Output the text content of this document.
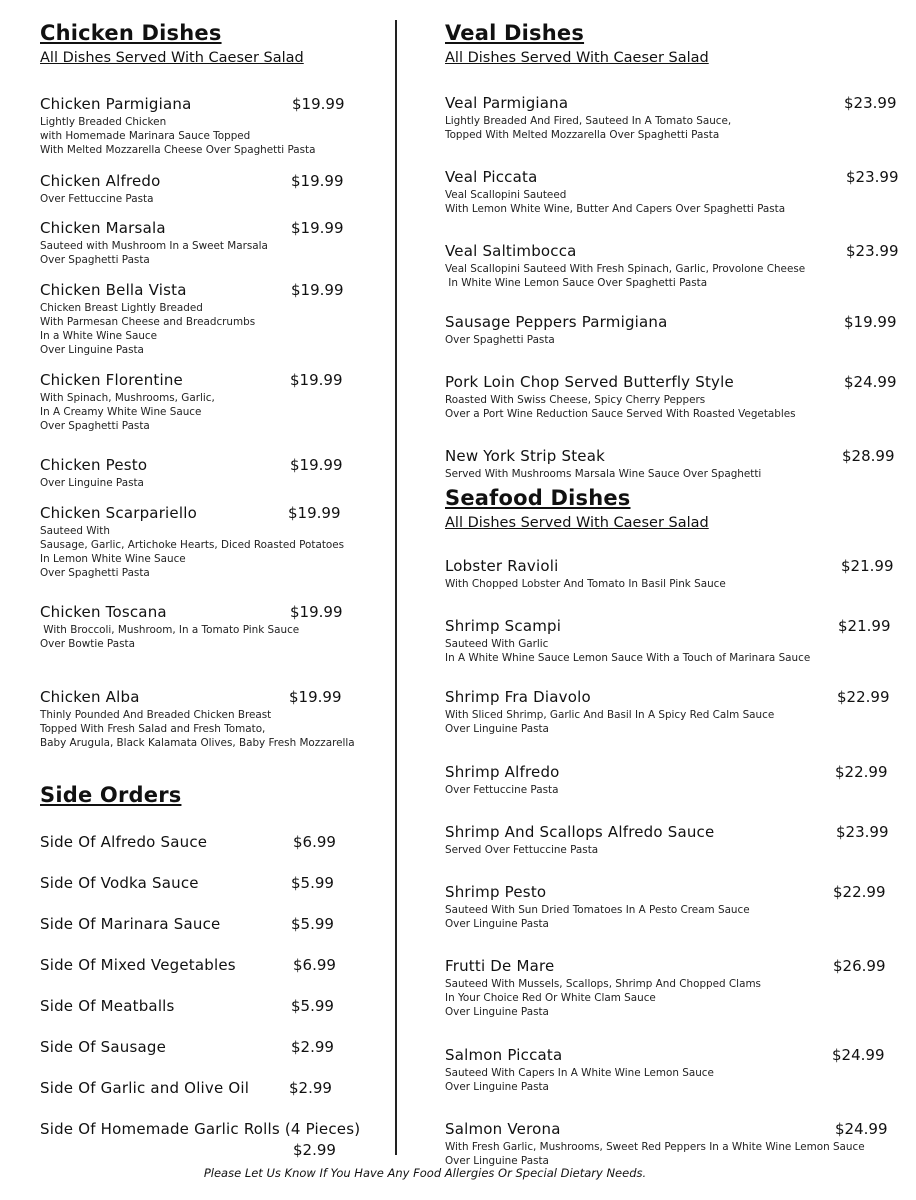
Chicken Dishes
All Dishes Served With Caeser Salad
Chicken Parmigiana	$19.99
Lightly Breaded Chicken
with Homemade Marinara Sauce Topped
With Melted Mozzarella Cheese Over Spaghetti Pasta
Chicken Alfredo	$19.99
Over Fettuccine Pasta
Chicken Marsala	$19.99
Sauteed with Mushroom In a Sweet Marsala
Over Spaghetti Pasta
Chicken Bella Vista	$19.99
Chicken Breast Lightly Breaded
With Parmesan Cheese and Breadcrumbs
In a White Wine Sauce
Over Linguine Pasta
Chicken Florentine	$19.99
With Spinach, Mushrooms, Garlic,
In A Creamy White Wine Sauce
Over Spaghetti Pasta
Chicken Pesto	$19.99
Over Linguine Pasta
Chicken Scarpariello	$19.99
Sauteed With
Sausage, Garlic, Artichoke Hearts, Diced Roasted Potatoes
In Lemon White Wine Sauce
Over Spaghetti Pasta
Chicken Toscana	$19.99
With Broccoli, Mushroom, In a Tomato Pink Sauce
Over Bowtie Pasta
Chicken Alba	$19.99
Thinly Pounded And Breaded Chicken Breast
Topped With Fresh Salad and Fresh Tomato,
Baby Arugula, Black Kalamata Olives, Baby Fresh Mozzarella
Side Orders
Side Of Alfredo Sauce	$6.99
Side Of Vodka Sauce	$5.99
Side Of Marinara Sauce	$5.99
Side Of Mixed Vegetables	$6.99
Side Of Meatballs	$5.99
Side Of Sausage	$2.99
Side Of Garlic and Olive Oil	$2.99
Side Of Homemade Garlic Rolls (4 Pieces)
$2.99
Veal Dishes
All Dishes Served With Caeser Salad
Veal Parmigiana	$23.99
Lightly Breaded And Fired, Sauteed In A Tomato Sauce,
Topped With Melted Mozzarella Over Spaghetti Pasta
Veal Piccata	$23.99
Veal Scallopini Sauteed
With Lemon White Wine, Butter And Capers Over Spaghetti Pasta
Veal Saltimbocca	$23.99
Veal Scallopini Sauteed With Fresh Spinach, Garlic, Provolone Cheese
In White Wine Lemon Sauce Over Spaghetti Pasta
Sausage Peppers Parmigiana	$19.99
Over Spaghetti Pasta
Pork Loin Chop Served Butterfly Style	$24.99
Roasted With Swiss Cheese, Spicy Cherry Peppers
Over a Port Wine Reduction Sauce Served With Roasted Vegetables
New York Strip Steak	$28.99
Served With Mushrooms Marsala Wine Sauce Over Spaghetti
Seafood Dishes
All Dishes Served With Caeser Salad
Lobster Ravioli	$21.99
With Chopped Lobster And Tomato In Basil Pink Sauce
Shrimp Scampi	$21.99
Sauteed With Garlic
In A White Whine Sauce Lemon Sauce With a Touch of Marinara Sauce
Shrimp Fra Diavolo	$22.99
With Sliced Shrimp, Garlic And Basil In A Spicy Red Calm Sauce
Over Linguine Pasta
Shrimp Alfredo	$22.99
Over Fettuccine Pasta
Shrimp And Scallops Alfredo Sauce	$23.99
Served Over Fettuccine Pasta
Shrimp Pesto	$22.99
Sauteed With Sun Dried Tomatoes In A Pesto Cream Sauce
Over Linguine Pasta
Frutti De Mare	$26.99
Sauteed With Mussels, Scallops, Shrimp And Chopped Clams
In Your Choice Red Or White Clam Sauce
Over Linguine Pasta
Salmon Piccata	$24.99
Sauteed With Capers In A White Wine Lemon Sauce
Over Linguine Pasta
Salmon Verona	$24.99
With Fresh Garlic, Mushrooms, Sweet Red Peppers In a White Wine Lemon Sauce
Over Linguine Pasta
Please Let Us Know If You Have Any Food Allergies Or Special Dietary Needs.
